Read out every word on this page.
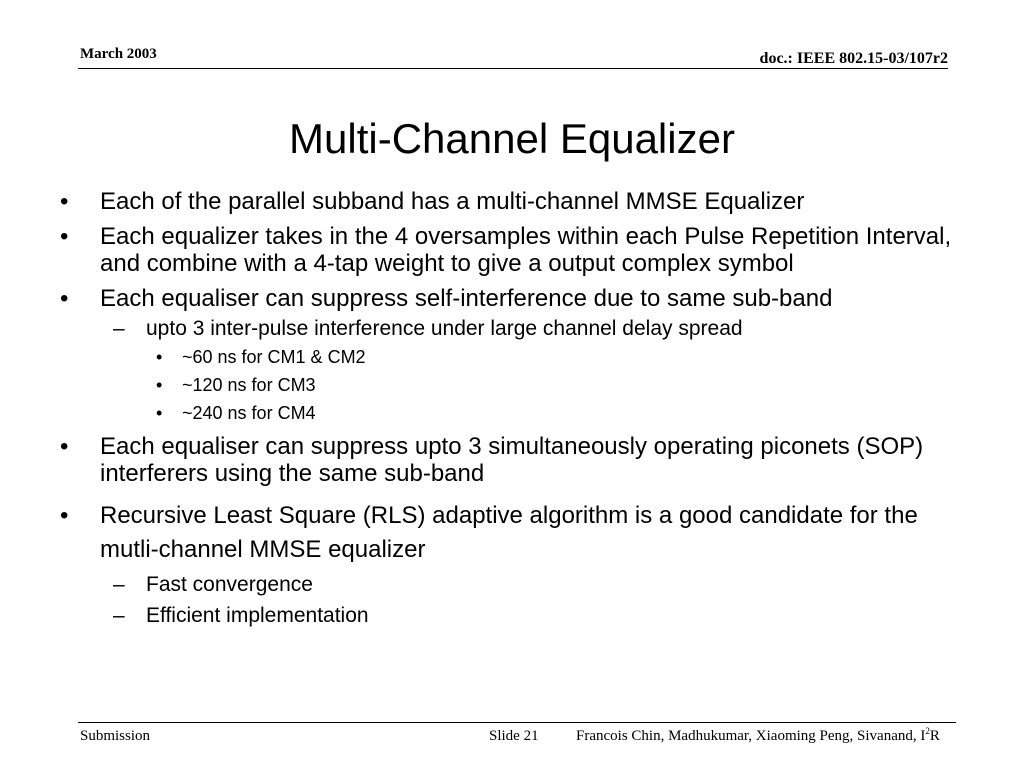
March 2003	doc.: IEEE 802.15-03/107r2
Multi-Channel Equalizer
• Each of the parallel subband has a multi-channel MMSE Equalizer
• Each equalizer takes in the 4 oversamples within each Pulse Repetition Interval, and combine with a 4-tap weight to give a output complex symbol
• Each equaliser can suppress self-interference due to same sub-band
– upto 3 inter-pulse interference under large channel delay spread
• ~60 ns for CM1 & CM2
• ~120 ns for CM3
• ~240 ns for CM4
• Each equaliser can suppress upto 3 simultaneously operating piconets (SOP) interferers using the same sub-band
• Recursive Least Square (RLS) adaptive algorithm is a good candidate for the mutli-channel MMSE equalizer
– Fast convergence
– Efficient implementation
Submission	Slide 21 Francois Chin, Madhukumar, Xiaoming Peng, Sivanand, $I^2R$
